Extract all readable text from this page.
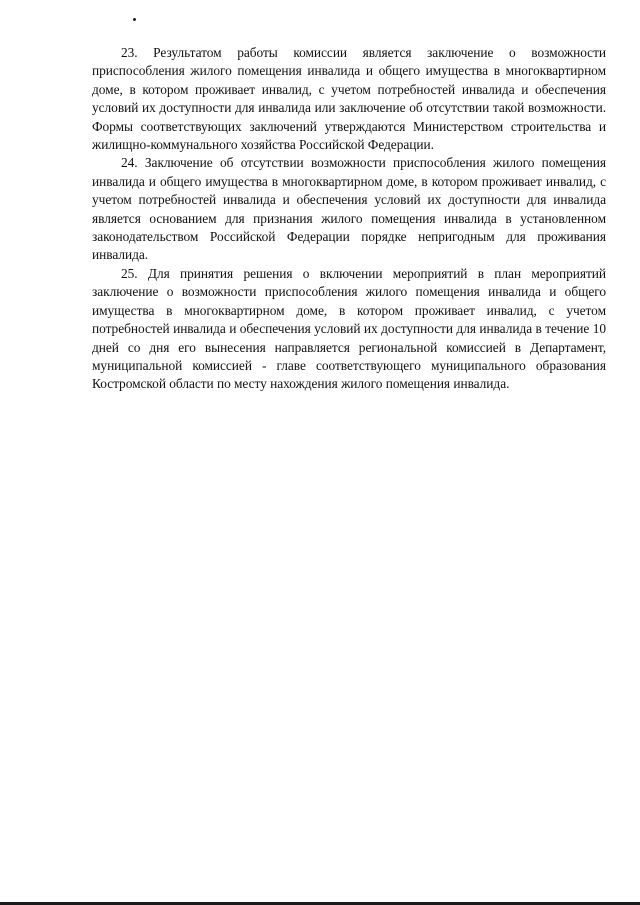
23. Результатом работы комиссии является заключение о возможности приспособления жилого помещения инвалида и общего имущества в многоквартирном доме, в котором проживает инвалид, с учетом потребностей инвалида и обеспечения условий их доступности для инвалида или заключение об отсутствии такой возможности. Формы соответствующих заключений утверждаются Министерством строительства и жилищно-коммунального хозяйства Российской Федерации.

24. Заключение об отсутствии возможности приспособления жилого помещения инвалида и общего имущества в многоквартирном доме, в котором проживает инвалид, с учетом потребностей инвалида и обеспечения условий их доступности для инвалида является основанием для признания жилого помещения инвалида в установленном законодательством Российской Федерации порядке непригодным для проживания инвалида.

25. Для принятия решения о включении мероприятий в план мероприятий заключение о возможности приспособления жилого помещения инвалида и общего имущества в многоквартирном доме, в котором проживает инвалид, с учетом потребностей инвалида и обеспечения условий их доступности для инвалида в течение 10 дней со дня его вынесения направляется региональной комиссией в Департамент, муниципальной комиссией - главе соответствующего муниципального образования Костромской области по месту нахождения жилого помещения инвалида.
